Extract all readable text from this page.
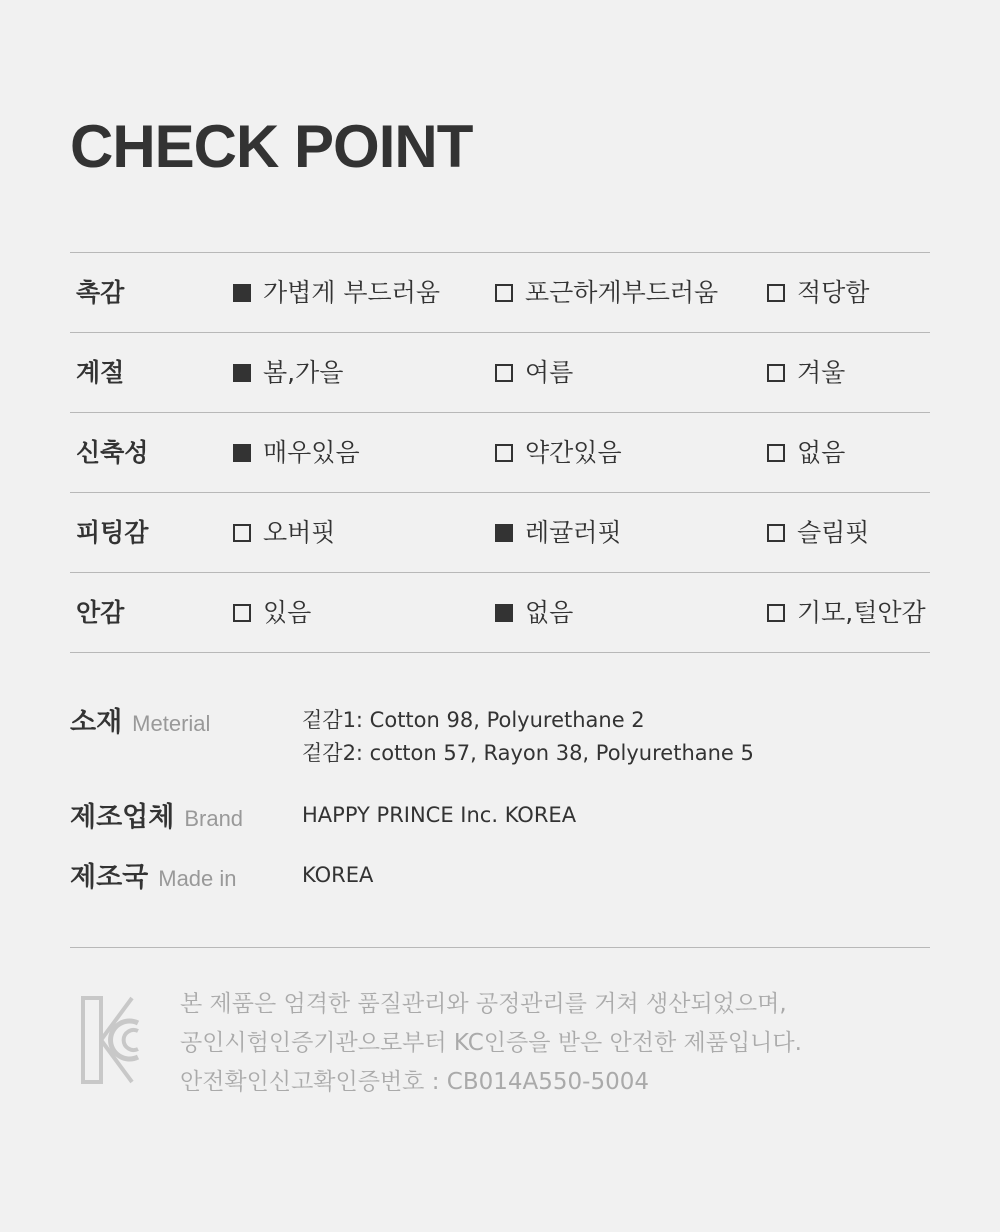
CHECK POINT
촉감	가볍게 부드러움	포근하게부드러움	적당함
계절	봄,가을	여름	겨울
신축성	매우있음	약간있음	없음
피팅감	오버핏	레귤러핏	슬림핏
안감	있음	없음	기모,털안감
소재 Meterial	겉감1: Cotton 98, Polyurethane 2
겉감2: cotton 57, Rayon 38, Polyurethane 5
제조업체 Brand	HAPPY PRINCE Inc. KOREA
제조국 Made in	KOREA
본 제품은 엄격한 품질관리와 공정관리를 거쳐 생산되었으며,
공인시험인증기관으로부터 KC인증을 받은 안전한 제품입니다.
안전확인신고확인증번호 : CB014A550-5004
